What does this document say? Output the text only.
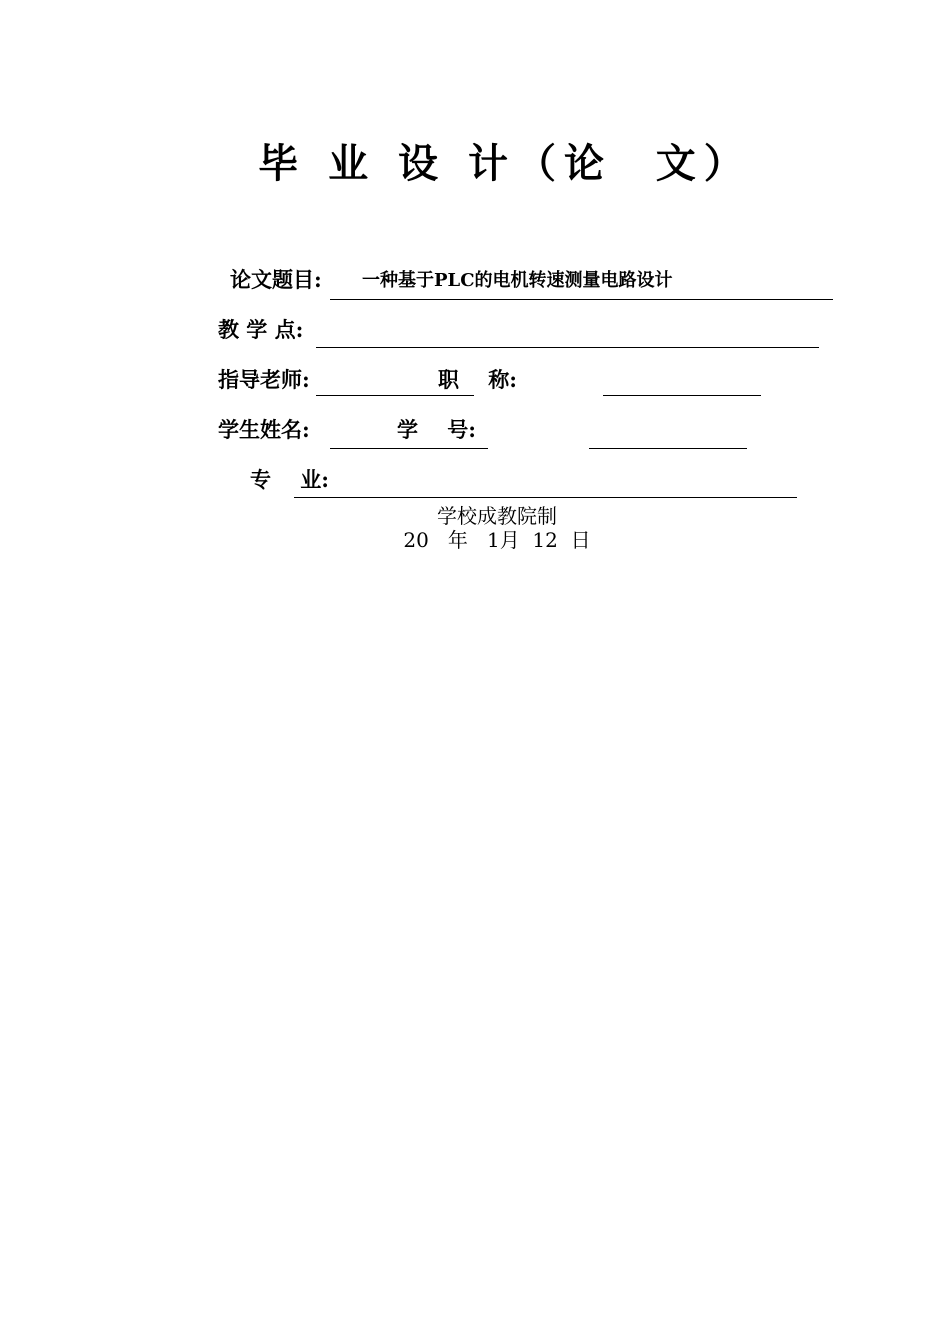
毕 业 设 计（论  文）
论文题目: 一种基于PLC的电机转速测量电路设计
教 学 点:
指导老师:	职    称:
学生姓名:	学    号:
专    业:
学校成教院制
20   年   1月  12  日
